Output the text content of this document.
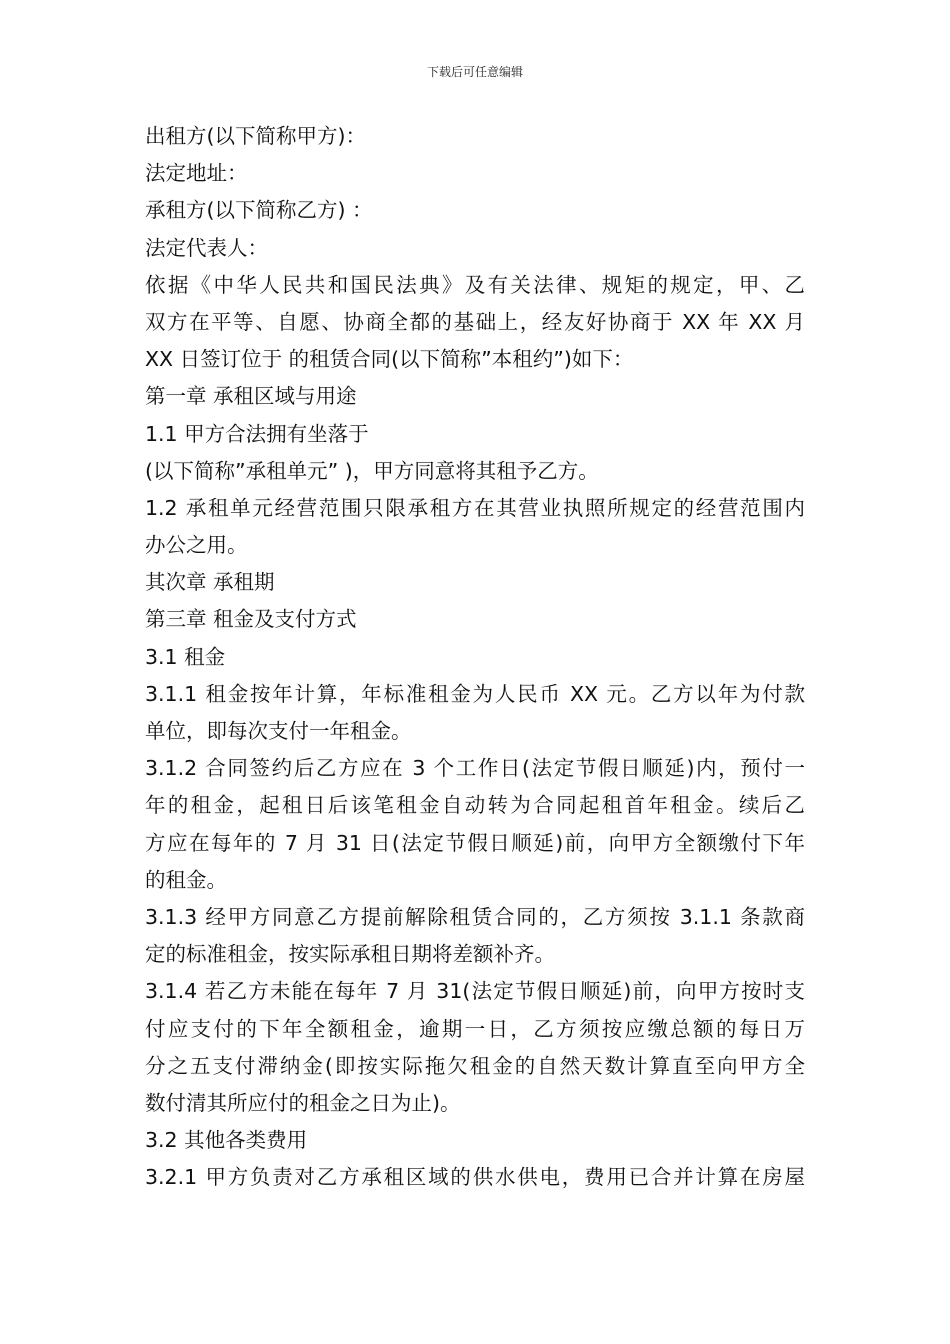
下载后可任意编辑
出租方(以下简称甲方)：
法定地址：
承租方(以下简称乙方) ：
法定代表人：
依据《中华人民共和国民法典》及有关法律、规矩的规定，甲、乙
双方在平等、自愿、协商全都的基础上，经友好协商于 XX 年 XX 月
XX 日签订位于 的租赁合同(以下简称”本租约”)如下：
第一章 承租区域与用途
1.1 甲方合法拥有坐落于
(以下简称”承租单元” )，甲方同意将其租予乙方。
1.2 承租单元经营范围只限承租方在其营业执照所规定的经营范围内
办公之用。
其次章 承租期
第三章 租金及支付方式
3.1 租金
3.1.1 租金按年计算，年标准租金为人民币 XX 元。乙方以年为付款
单位，即每次支付一年租金。
3.1.2 合同签约后乙方应在 3 个工作日(法定节假日顺延)内，预付一
年的租金，起租日后该笔租金自动转为合同起租首年租金。续后乙
方应在每年的 7 月 31 日(法定节假日顺延)前，向甲方全额缴付下年
的租金。
3.1.3 经甲方同意乙方提前解除租赁合同的，乙方须按 3.1.1 条款商
定的标准租金，按实际承租日期将差额补齐。
3.1.4 若乙方未能在每年 7 月 31(法定节假日顺延)前，向甲方按时支
付应支付的下年全额租金，逾期一日，乙方须按应缴总额的每日万
分之五支付滞纳金(即按实际拖欠租金的自然天数计算直至向甲方全
数付清其所应付的租金之日为止)。
3.2 其他各类费用
3.2.1 甲方负责对乙方承租区域的供水供电，费用已合并计算在房屋
